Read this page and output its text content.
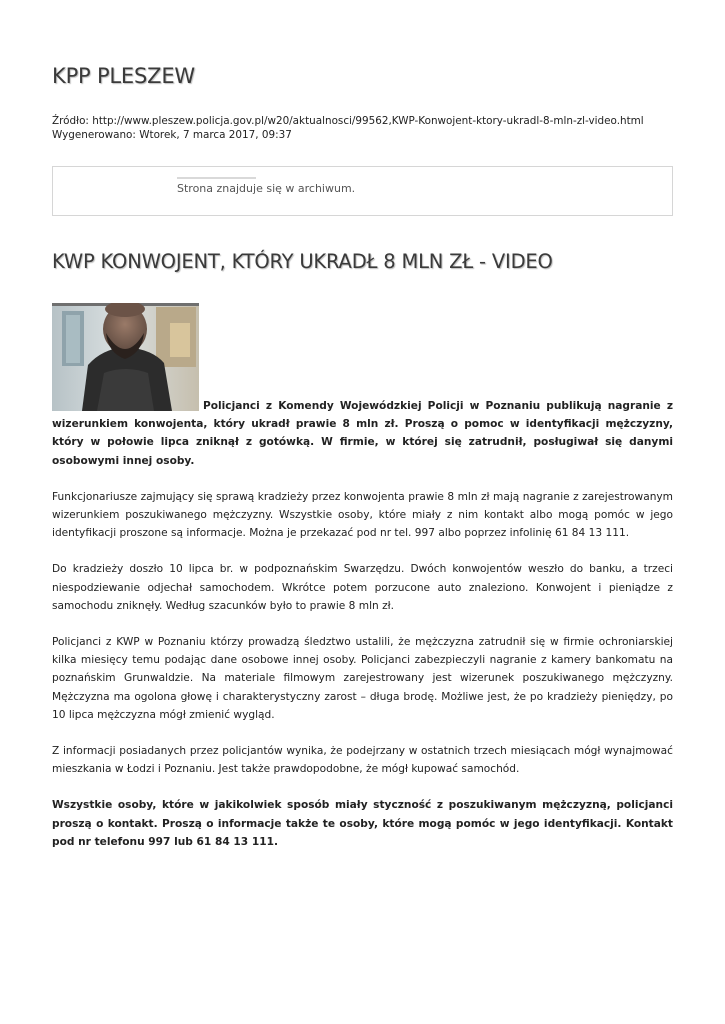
KPP PLESZEW
Źródło: http://www.pleszew.policja.gov.pl/w20/aktualnosci/99562,KWP-Konwojent-ktory-ukradl-8-mln-zl-video.html
Wygenerowano: Wtorek, 7 marca 2017, 09:37
Strona znajduje się w archiwum.
KWP KONWOJENT, KTÓRY UKRADŁ 8 MLN ZŁ - VIDEO

Policjanci z Komendy Wojewódzkiej Policji w Poznaniu publikują nagranie z wizerunkiem konwojenta, który ukradł prawie 8 mln zł. Proszą o pomoc w identyfikacji mężczyzny, który w połowie lipca zniknął z gotówką. W firmie, w której się zatrudnił, posługiwał się danymi osobowymi innej osoby.

Funkcjonariusze zajmujący się sprawą kradzieży przez konwojenta prawie 8 mln zł mają nagranie z zarejestrowanym wizerunkiem poszukiwanego mężczyzny. Wszystkie osoby, które miały z nim kontakt albo mogą pomóc w jego identyfikacji proszone są informacje. Można je przekazać pod nr tel. 997 albo poprzez infolinię 61 84 13 111.

Do kradzieży doszło 10 lipca br. w podpoznańskim Swarzędzu. Dwóch konwojentów weszło do banku, a trzeci niespodziewanie odjechał samochodem. Wkrótce potem porzucone auto znaleziono. Konwojent i pieniądze z samochodu zniknęły. Według szacunków było to prawie 8 mln zł.

Policjanci z KWP w Poznaniu którzy prowadzą śledztwo ustalili, że mężczyzna zatrudnił się w firmie ochroniarskiej kilka miesięcy temu podając dane osobowe innej osoby. Policjanci zabezpieczyli nagranie z kamery bankomatu na poznańskim Grunwaldzie. Na materiale filmowym zarejestrowany jest wizerunek poszukiwanego mężczyzny. Mężczyzna ma ogolona głowę i charakterystyczny zarost – długa brodę. Możliwe jest, że po kradzieży pieniędzy, po 10 lipca mężczyzna mógł zmienić wygląd.

Z informacji posiadanych przez policjantów wynika, że podejrzany w ostatnich trzech miesiącach mógł wynajmować mieszkania w Łodzi i Poznaniu. Jest także prawdopodobne, że mógł kupować samochód.

Wszystkie osoby, które w jakikolwiek sposób miały styczność z poszukiwanym mężczyzną, policjanci proszą o kontakt. Proszą o informacje także te osoby, które mogą pomóc w jego identyfikacji. Kontakt pod nr telefonu 997 lub 61 84 13 111.
